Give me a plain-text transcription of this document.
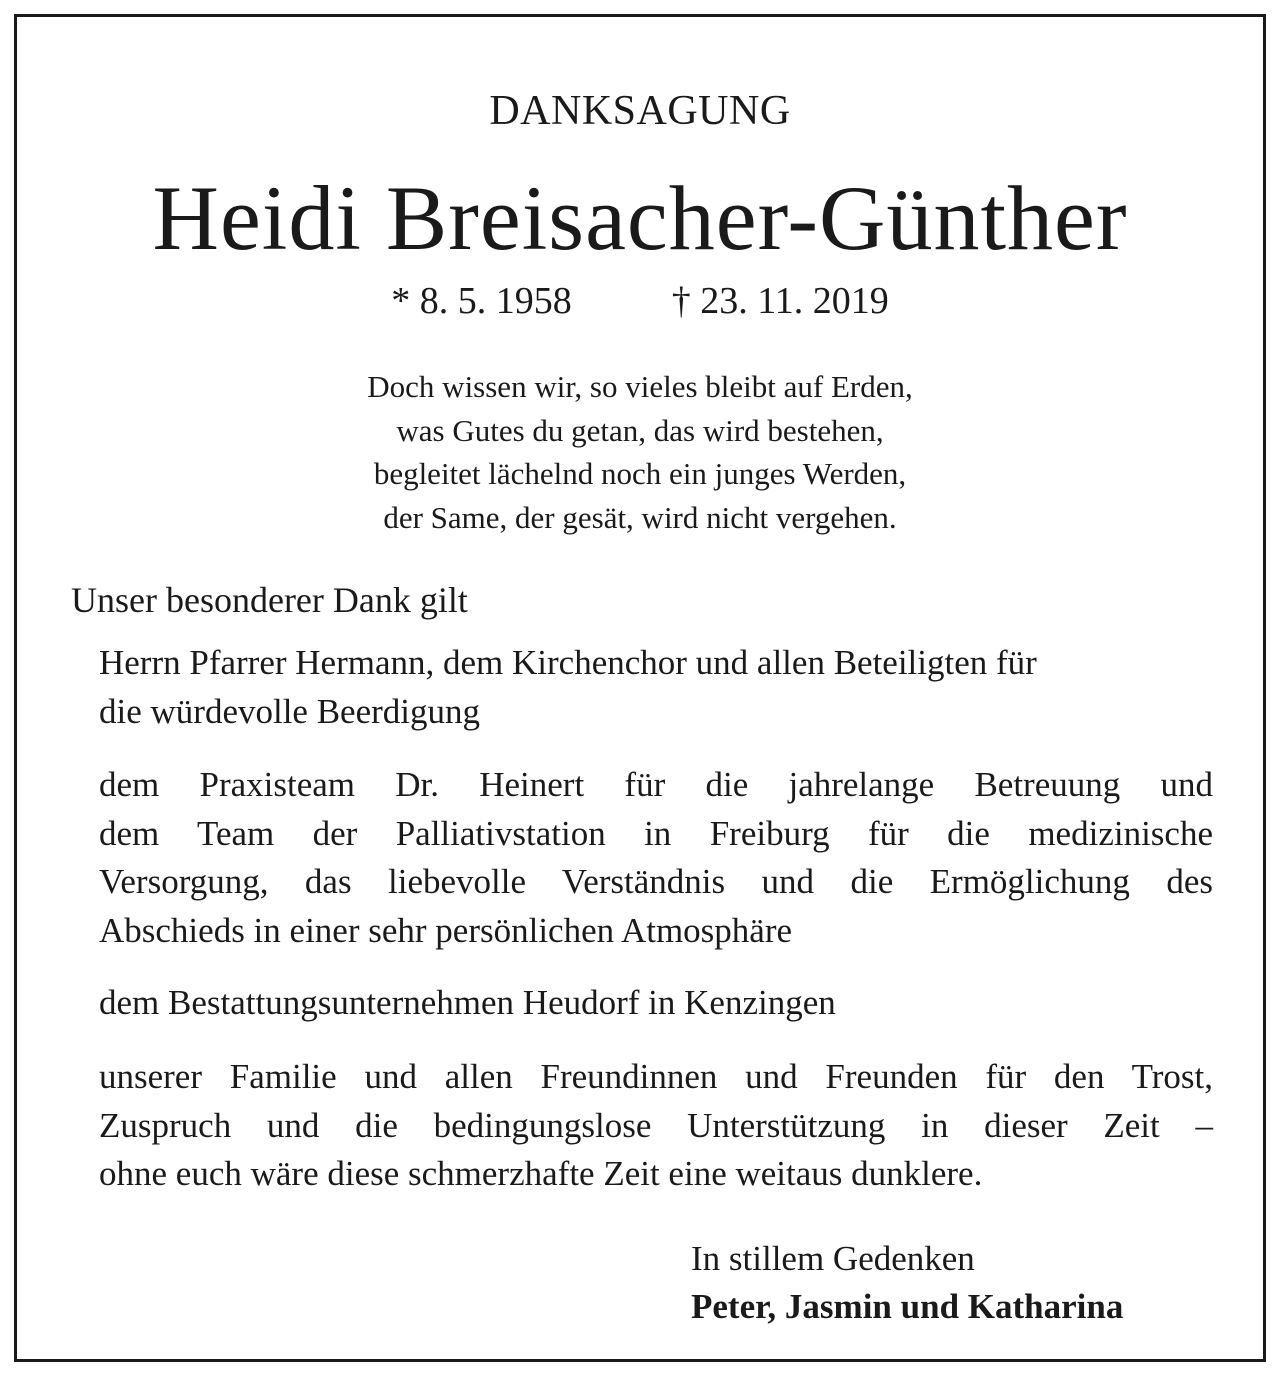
DANKSAGUNG
Heidi Breisacher-Günther
* 8. 5. 1958	† 23. 11. 2019
Doch wissen wir, so vieles bleibt auf Erden,
was Gutes du getan, das wird bestehen,
begleitet lächelnd noch ein junges Werden,
der Same, der gesät, wird nicht vergehen.
Unser besonderer Dank gilt
Herrn Pfarrer Hermann, dem Kirchenchor und allen Beteiligten für
die würdevolle Beerdigung
dem Praxisteam Dr. Heinert für die jahrelange Betreuung und
dem Team der Palliativstation in Freiburg für die medizinische
Versorgung, das liebevolle Verständnis und die Ermöglichung des
Abschieds in einer sehr persönlichen Atmosphäre
dem Bestattungsunternehmen Heudorf in Kenzingen
unserer Familie und allen Freundinnen und Freunden für den Trost,
Zuspruch und die bedingungslose Unterstützung in dieser Zeit –
ohne euch wäre diese schmerzhafte Zeit eine weitaus dunklere.
In stillem Gedenken
Peter, Jasmin und Katharina
